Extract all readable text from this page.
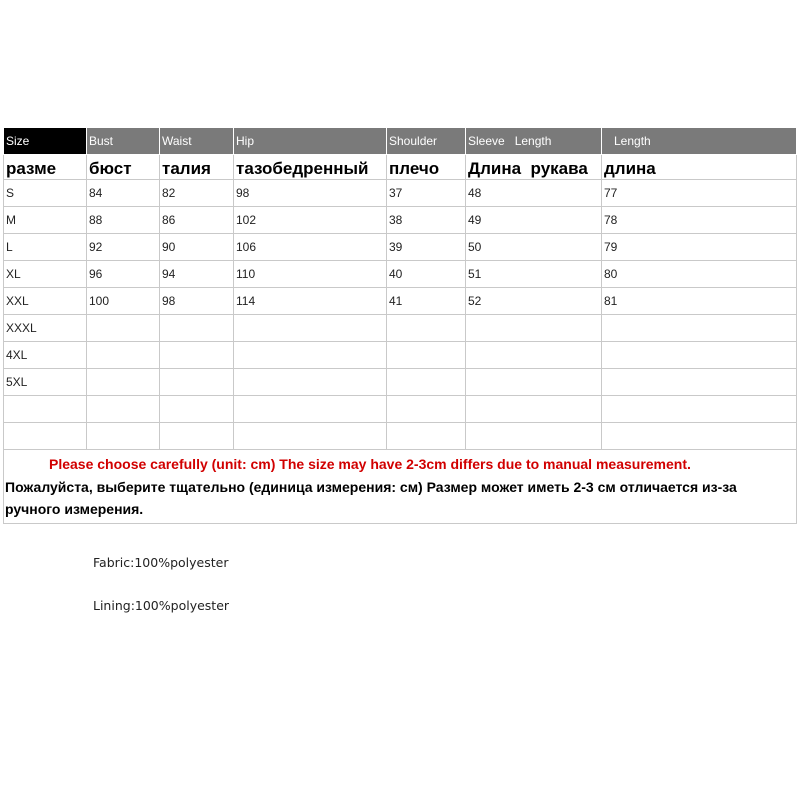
Size	Bust	Waist	Hip	Shoulder	Sleeve   Length	Length
разме	бюст	талия	тазобедренный	плечо	Длина  рукава	длина
S	84	82	98	37	48	77
M	88	86	102	38	49	78
L	92	90	106	39	50	79
XL	96	94	110	40	51	80
XXL	100	98	114	41	52	81
XXXL						
4XL						
5XL						

Please choose carefully (unit: cm) The size may have 2-3cm differs due to manual measurement.
Пожалуйста, выберите тщательно (единица измерения: см) Размер может иметь 2-3 см отличается из-за ручного измерения.						
Fabric:100%polyester
Lining:100%polyester
